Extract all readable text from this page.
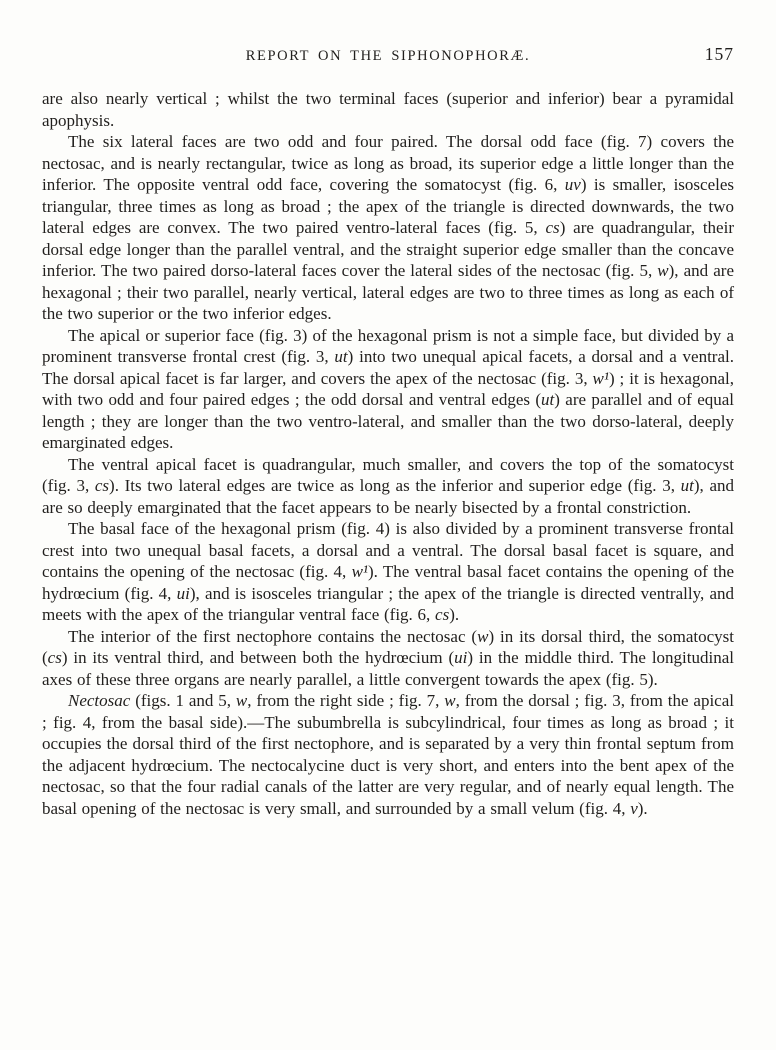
REPORT ON THE SIPHONOPHORÆ.	157

are also nearly vertical ; whilst the two terminal faces (superior and inferior) bear a pyramidal apophysis.

The six lateral faces are two odd and four paired. The dorsal odd face (fig. 7) covers the nectosac, and is nearly rectangular, twice as long as broad, its superior edge a little longer than the inferior. The opposite ventral odd face, covering the somatocyst (fig. 6, uv) is smaller, isosceles triangular, three times as long as broad ; the apex of the triangle is directed downwards, the two lateral edges are convex. The two paired ventro-lateral faces (fig. 5, cs) are quadrangular, their dorsal edge longer than the parallel ventral, and the straight superior edge smaller than the concave inferior. The two paired dorso-lateral faces cover the lateral sides of the nectosac (fig. 5, w), and are hexagonal ; their two parallel, nearly vertical, lateral edges are two to three times as long as each of the two superior or the two inferior edges.

The apical or superior face (fig. 3) of the hexagonal prism is not a simple face, but divided by a prominent transverse frontal crest (fig. 3, ut) into two unequal apical facets, a dorsal and a ventral. The dorsal apical facet is far larger, and covers the apex of the nectosac (fig. 3, w¹) ; it is hexagonal, with two odd and four paired edges ; the odd dorsal and ventral edges (ut) are parallel and of equal length ; they are longer than the two ventro-lateral, and smaller than the two dorso-lateral, deeply emarginated edges.

The ventral apical facet is quadrangular, much smaller, and covers the top of the somatocyst (fig. 3, cs). Its two lateral edges are twice as long as the inferior and superior edge (fig. 3, ut), and are so deeply emarginated that the facet appears to be nearly bisected by a frontal constriction.

The basal face of the hexagonal prism (fig. 4) is also divided by a prominent transverse frontal crest into two unequal basal facets, a dorsal and a ventral. The dorsal basal facet is square, and contains the opening of the nectosac (fig. 4, w¹). The ventral basal facet contains the opening of the hydrœcium (fig. 4, ui), and is isosceles triangular ; the apex of the triangle is directed ventrally, and meets with the apex of the triangular ventral face (fig. 6, cs).

The interior of the first nectophore contains the nectosac (w) in its dorsal third, the somatocyst (cs) in its ventral third, and between both the hydrœcium (ui) in the middle third. The longitudinal axes of these three organs are nearly parallel, a little convergent towards the apex (fig. 5).

Nectosac (figs. 1 and 5, w, from the right side ; fig. 7, w, from the dorsal ; fig. 3, from the apical ; fig. 4, from the basal side).—The subumbrella is subcylindrical, four times as long as broad ; it occupies the dorsal third of the first nectophore, and is separated by a very thin frontal septum from the adjacent hydrœcium. The nectocalycine duct is very short, and enters into the bent apex of the nectosac, so that the four radial canals of the latter are very regular, and of nearly equal length. The basal opening of the nectosac is very small, and surrounded by a small velum (fig. 4, v).
